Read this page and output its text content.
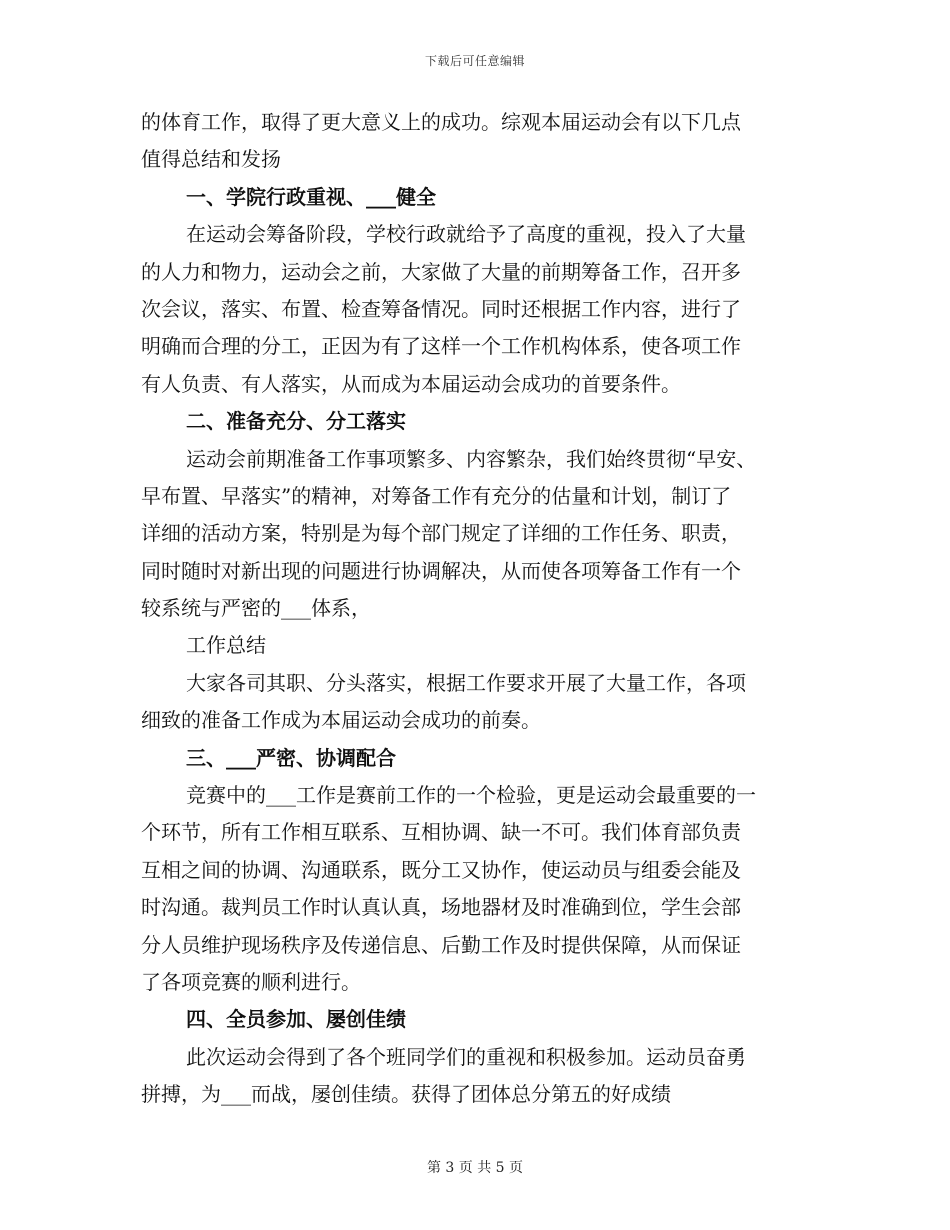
下载后可任意编辑
的体育工作，取得了更大意义上的成功。综观本届运动会有以下几点
值得总结和发扬
一、学院行政重视、___健全
在运动会筹备阶段，学校行政就给予了高度的重视，投入了大量
的人力和物力，运动会之前，大家做了大量的前期筹备工作，召开多
次会议，落实、布置、检查筹备情况。同时还根据工作内容，进行了
明确而合理的分工，正因为有了这样一个工作机构体系，使各项工作
有人负责、有人落实，从而成为本届运动会成功的首要条件。
二、准备充分、分工落实
运动会前期准备工作事项繁多、内容繁杂，我们始终贯彻“早安、
早布置、早落实”的精神，对筹备工作有充分的估量和计划，制订了
详细的活动方案，特别是为每个部门规定了详细的工作任务、职责，
同时随时对新出现的问题进行协调解决，从而使各项筹备工作有一个
较系统与严密的___体系，
工作总结
大家各司其职、分头落实，根据工作要求开展了大量工作，各项
细致的准备工作成为本届运动会成功的前奏。
三、___严密、协调配合
竞赛中的___工作是赛前工作的一个检验，更是运动会最重要的一
个环节，所有工作相互联系、互相协调、缺一不可。我们体育部负责
互相之间的协调、沟通联系，既分工又协作，使运动员与组委会能及
时沟通。裁判员工作时认真认真，场地器材及时准确到位，学生会部
分人员维护现场秩序及传递信息、后勤工作及时提供保障，从而保证
了各项竞赛的顺利进行。
四、全员参加、屡创佳绩
此次运动会得到了各个班同学们的重视和积极参加。运动员奋勇
拼搏，为___而战，屡创佳绩。获得了团体总分第五的好成绩
第 3 页 共 5 页
